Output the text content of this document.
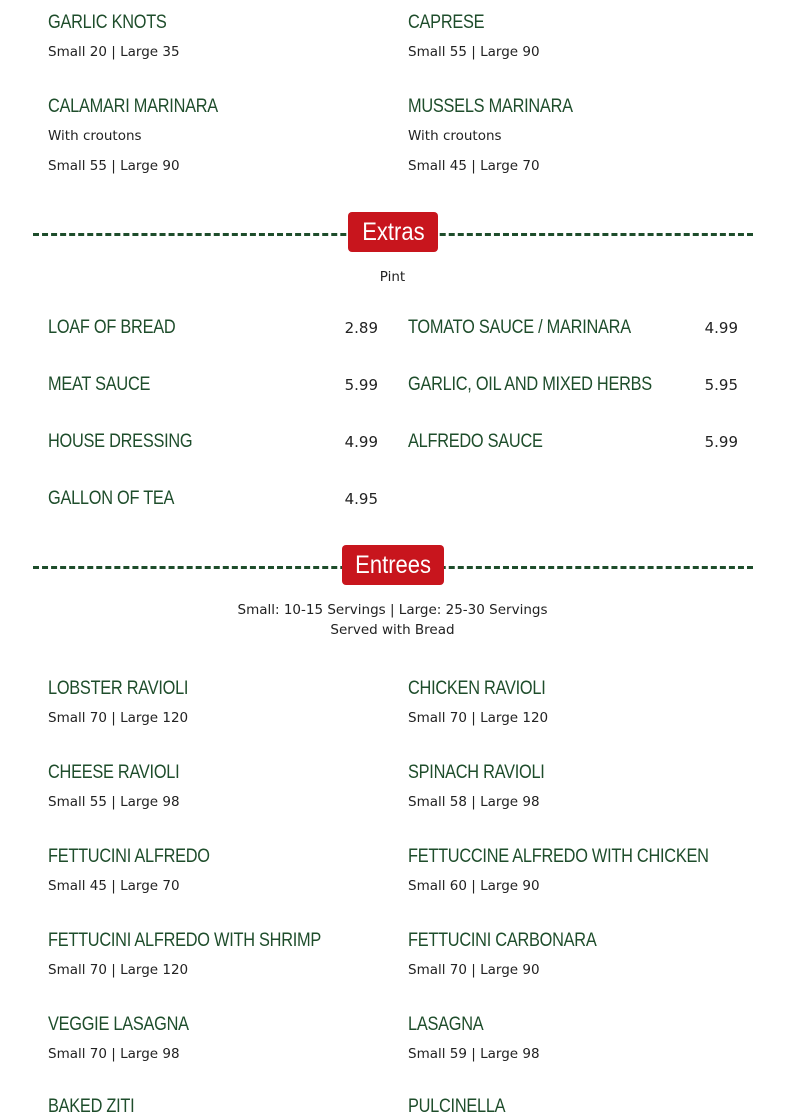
GARLIC KNOTS
Small 20 | Large 35
CAPRESE
Small 55 | Large 90
CALAMARI MARINARA
With croutons
Small 55 | Large 90
MUSSELS MARINARA
With croutons
Small 45 | Large 70
Extras
Pint
LOAF OF BREAD	2.89 TOMATO SAUCE / MARINARA	4.99
MEAT SAUCE	5.99 GARLIC, OIL AND MIXED HERBS	5.95
HOUSE DRESSING	4.99 ALFREDO SAUCE	5.99
GALLON OF TEA	4.95
Entrees
Small: 10-15 Servings | Large: 25-30 Servings
Served with Bread
LOBSTER RAVIOLI
Small 70 | Large 120
CHICKEN RAVIOLI
Small 70 | Large 120
CHEESE RAVIOLI
Small 55 | Large 98
SPINACH RAVIOLI
Small 58 | Large 98
FETTUCINI ALFREDO
Small 45 | Large 70
FETTUCCINE ALFREDO WITH CHICKEN
Small 60 | Large 90
FETTUCINI ALFREDO WITH SHRIMP
Small 70 | Large 120
FETTUCINI CARBONARA
Small 70 | Large 90
VEGGIE LASAGNA
Small 70 | Large 98
LASAGNA
Small 59 | Large 98
BAKED ZITI	PULCINELLA
